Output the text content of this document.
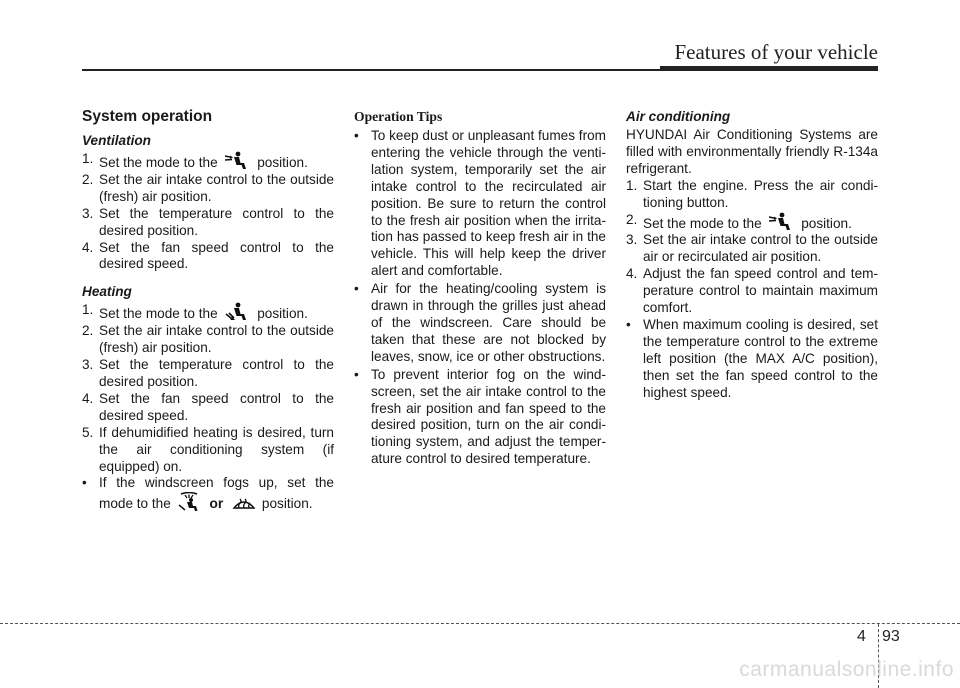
Features of your vehicle
System operation
Ventilation
1. Set the mode to the	position.
2. Set the air intake control to the outside (fresh) air position.
3. Set the temperature control to the desired position.
4. Set the fan speed control to the desired speed.
Heating
1. Set the mode to the	position.
2. Set the air intake control to the outside (fresh) air position.
3. Set the temperature control to the desired position.
4. Set the fan speed control to the desired speed.
5. If dehumidified heating is desired, turn the air conditioning system (if equipped) on.
• If the windscreen fogs up, set the mode to the	or	position.
Operation Tips
• To keep dust or unpleasant fumes from entering the vehicle through the venti-lation system, temporarily set the air intake control to the recirculated air position. Be sure to return the control to the fresh air position when the irrita-tion has passed to keep fresh air in the vehicle. This will help keep the driver alert and comfortable.
• Air for the heating/cooling system is drawn in through the grilles just ahead of the windscreen. Care should be taken that these are not blocked by leaves, snow, ice or other obstructions.
• To prevent interior fog on the wind-screen, set the air intake control to the fresh air position and fan speed to the desired position, turn on the air condi-tioning system, and adjust the temper-ature control to desired temperature.
Air conditioning

HYUNDAI Air Conditioning Systems are filled with environmentally friendly R-134a refrigerant.

1. Start the engine. Press the air condi-tioning button.
2. Set the mode to the	position.
3. Set the air intake control to the outside air or recirculated air position.
4. Adjust the fan speed control and tem-perature control to maintain maximum comfort.
• When maximum cooling is desired, set the temperature control to the extreme left position (the MAX A/C position), then set the fan speed control to the highest speed.
4 93
carmanualsonline.info
